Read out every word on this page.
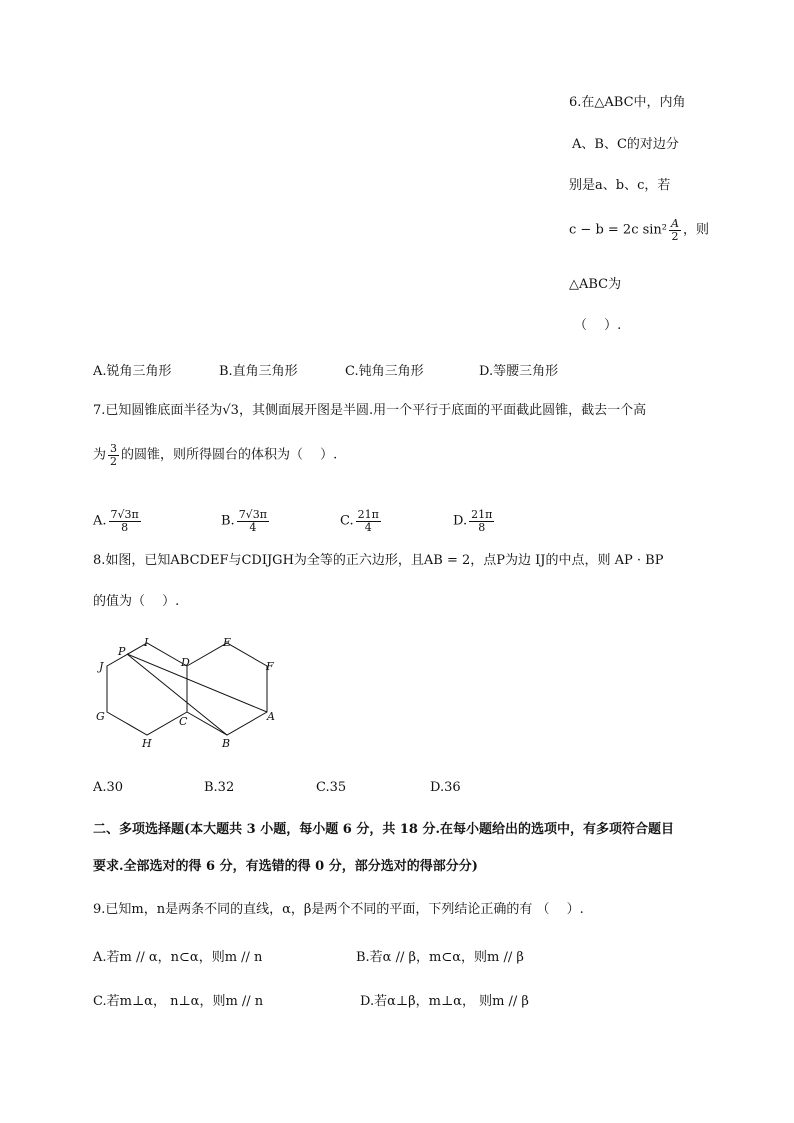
6.在△ABC中，内角
A、B、C的对边分
别是a、b、c，若
c − b = 2c $\sin^2 \frac{A}{2}$ ，则
△ABC为
（　 ）.
A.锐角三角形	B.直角三角形	C.钝角三角形	D.等腰三角形
7.已知圆锥底面半径为√3，其侧面展开图是半圆.用一个平行于底面的平面截此圆锥，截去一个高
为 $\frac{3}{2}$ 的圆锥，则所得圆台的体积为（　 ）.
A. $\frac{7√3\pi}{8}$	B. $\frac{7√3\pi}{4}$	C. $\frac{21\pi}{4}$	D. $\frac{21\pi}{8}$
8.如图，已知ABCDEF与CDIJGH为全等的正六边形，且AB = 2，点P为边 IJ的中点，则 AP · BP
的值为（　 ）.
P
I	E
J	D	F
G	C	A
H	B
A.30	B.32	C.35	D.36
二、多项选择题(本大题共 3 小题，每小题 6 分，共 18 分.在每小题给出的选项中，有多项符合题目
要求.全部选对的得 6 分，有选错的得 0 分，部分选对的得部分分)
9.已知m，n是两条不同的直线，α，β是两个不同的平面，下列结论正确的有 （　 ）.
A.若m // α，n⊂α，则m // n	B.若α // β，m⊂α，则m // β
C.若m⊥α， n⊥α，则m // n	D.若α⊥β，m⊥α， 则m // β
